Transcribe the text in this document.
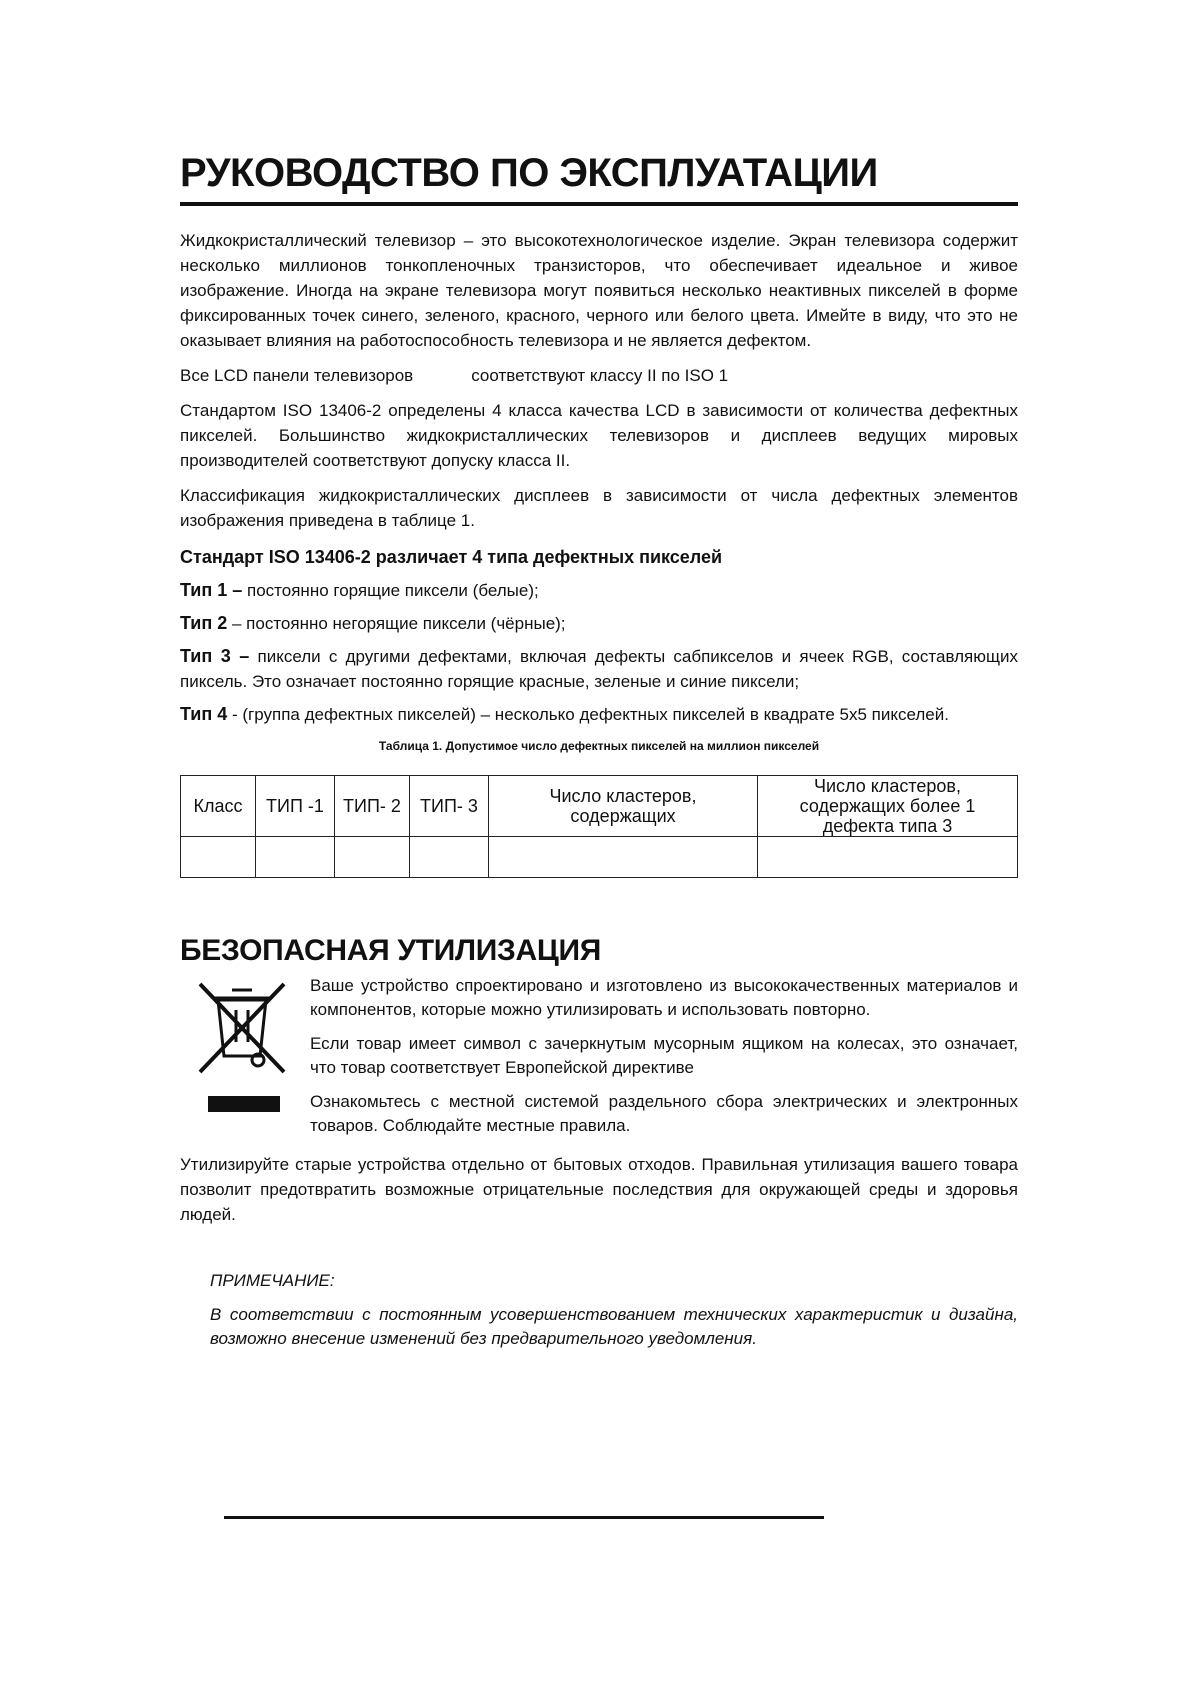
РУКОВОДСТВО ПО ЭКСПЛУАТАЦИИ

Жидкокристаллический телевизор – это высокотехнологическое изделие. Экран телевизора содержит несколько миллионов тонкопленочных транзисторов, что обеспечивает идеальное и живое изображение. Иногда на экране телевизора могут появиться несколько неактивных пикселей в форме фиксированных точек синего, зеленого, красного, черного или белого цвета. Имейте в виду, что это не оказывает влияния на работоспособность телевизора и не является дефектом.

Все LCD панели телевизоров	соответствуют классу II по ISO 1

Стандартом ISO 13406-2 определены 4 класса качества LCD в зависимости от количества дефектных пикселей. Большинство жидкокристаллических телевизоров и дисплеев ведущих мировых производителей соответствуют допуску класса II.

Классификация жидкокристаллических дисплеев в зависимости от числа дефектных элементов изображения приведена в таблице 1.

Стандарт ISO 13406-2 различает 4 типа дефектных пикселей

Тип 1 – постоянно горящие пиксели (белые);

Тип 2 – постоянно негорящие пиксели (чёрные);

Тип 3 – пиксели с другими дефектами, включая дефекты сабпикселов и ячеек RGB, составляющих пиксель. Это означает постоянно горящие красные, зеленые и синие пиксели;

Тип 4 - (группа дефектных пикселей) – несколько дефектных пикселей в квадрате 5х5 пикселей.

Таблица 1. Допустимое число дефектных пикселей на миллион пикселей
Класс	ТИП -1	ТИП- 2	ТИП- 3	Число кластеров, содержащих	Число кластеров, содержащих более 1 дефекта типа 3

БЕЗОПАСНАЯ УТИЛИЗАЦИЯ

Ваше устройство спроектировано и изготовлено из высококачественных материалов и компонентов, которые можно утилизировать и использовать повторно.

Если товар имеет символ с зачеркнутым мусорным ящиком на колесах, это означает, что товар соответствует Европейской директиве

Ознакомьтесь с местной системой раздельного сбора электрических и электронных товаров. Соблюдайте местные правила.

Утилизируйте старые устройства отдельно от бытовых отходов. Правильная утилизация вашего товара позволит предотвратить возможные отрицательные последствия для окружающей среды и здоровья людей.

ПРИМЕЧАНИЕ:

В соответствии с постоянным усовершенствованием технических характеристик и дизайна, возможно внесение изменений без предварительного уведомления.
